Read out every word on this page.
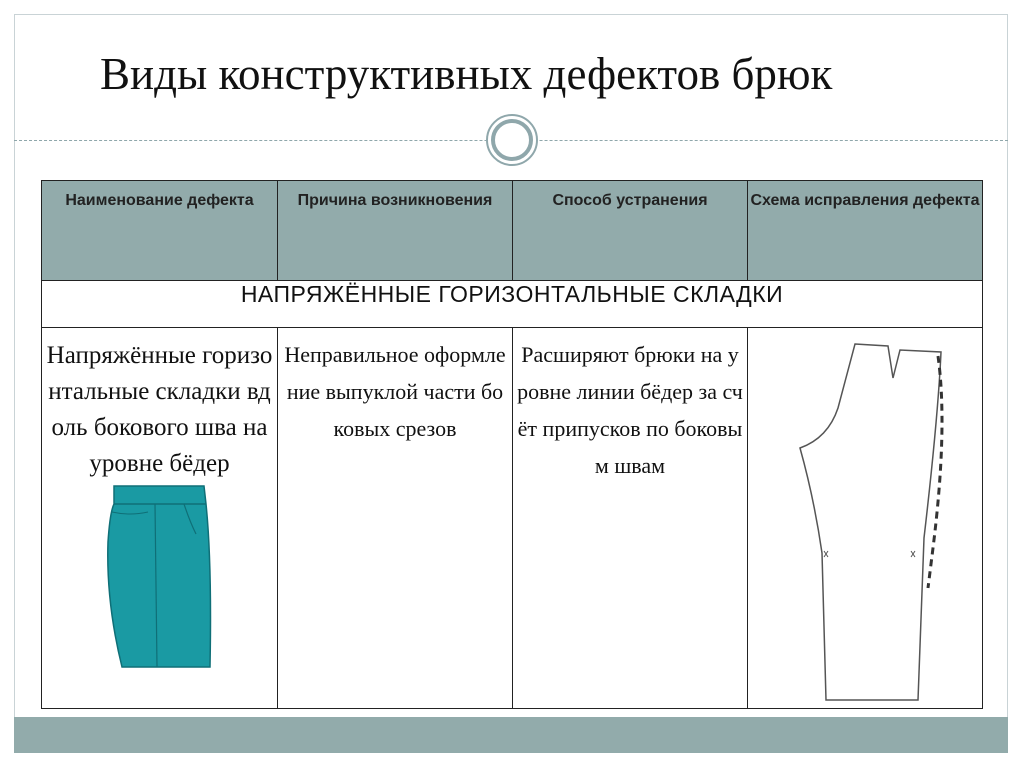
Виды конструктивных дефектов брюк
Наименование дефекта	Причина возникновения	Способ устранения	Схема исправления дефекта
НАПРЯЖЁННЫЕ ГОРИЗОНТАЛЬНЫЕ СКЛАДКИ			

Напряжённые горизонтальные складки вдоль бокового шва на уровне бёдер	Неправильное оформление выпуклой части боковых срезов	Расширяют брюки на уровне линии бёдер за счёт припусков по боковым швам
